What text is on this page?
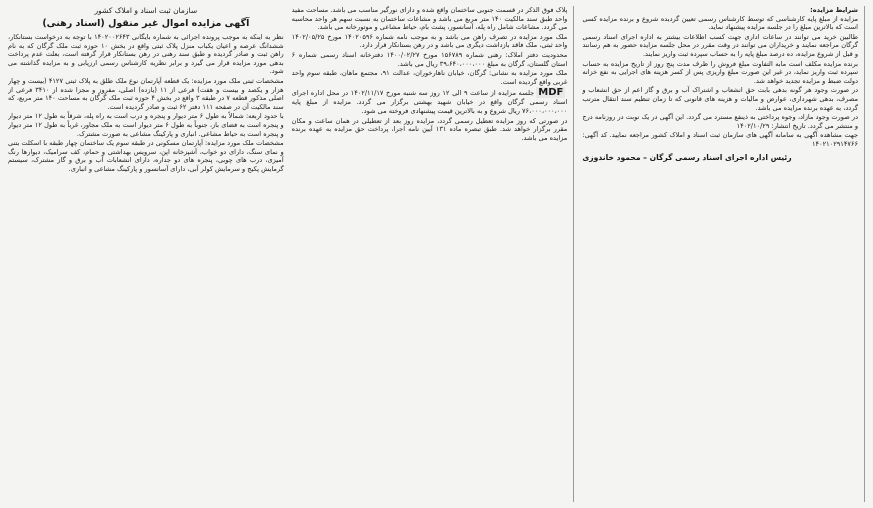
سازمان ثبت اسناد و املاک کشور
آگهی مزایده اموال غیر منقول (اسناد رهنی)

نظر به اینکه به موجب پرونده اجرائی به شماره بایگانی ۱۴۰۲۰۰۲۶۴۳ با توجه به درخواست بستانکار، ششدانگ عرصه و اعیان یکباب منزل پلاک ثبتی واقع در بخش ۱۰ حوزه ثبت ملک گرگان که به نام راهن ثبت و صادر گردیده و طبق سند رهنی در رهن بستانکار قرار گرفته است، بعلت عدم پرداخت بدهی مورد مزایده قرار می گیرد و برابر نظریه کارشناس رسمی ارزیابی و به مزایده گذاشته می شود.

مشخصات ثبتی ملک مورد مزایده: یک قطعه آپارتمان نوع ملک طلق به پلاک ثبتی ۴۱۲۷ (بیست و چهار هزار و یکصد و بیست و هفت) فرعی از ۱۱ (یازده) اصلی، مفروز و مجزا شده از ۳۴۱۰ فرعی از اصلی مذکور قطعه ۷ در طبقه ۳ واقع در بخش ۴ حوزه ثبت ملک گرگان به مساحت ۱۴۰ متر مربع، که سند مالکیت آن در صفحه ۱۱۱ دفتر ۶۲ ثبت و صادر گردیده است.

با حدود اربعه: شمالاً به طول ۶ متر دیوار و پنجره و درب است به راه پله، شرقاً به طول ۱۲ متر دیوار و پنجره است به فضای باز، جنوباً به طول ۶ متر دیوار است به ملک مجاور، غرباً به طول ۱۲ متر دیوار و پنجره است به حیاط مشاعی. انباری و پارکینگ مشاعی به صورت مشترک.

مشخصات ملک مورد مزایده: آپارتمان مسکونی در طبقه سوم یک ساختمان چهار طبقه با اسکلت بتنی و نمای سنگ، دارای دو خواب، آشپزخانه اپن، سرویس بهداشتی و حمام، کف سرامیک، دیوارها رنگ آمیزی، درب های چوبی، پنجره های دو جداره، دارای انشعابات آب و برق و گاز مشترک، سیستم گرمایش پکیج و سرمایش کولر آبی، دارای آسانسور و پارکینگ مشاعی و انباری.

پلاک فوق الذکر در قسمت جنوبی ساختمان واقع شده و دارای نورگیر مناسب می باشد. مساحت مفید واحد طبق سند مالکیت ۱۴۰ متر مربع می باشد و مشاعات ساختمان به نسبت سهم هر واحد محاسبه می گردد. مشاعات شامل راه پله، آسانسور، پشت بام، حیاط مشاعی و موتورخانه می باشد.

ملک مورد مزایده در تصرف راهن می باشد و به موجب نامه شماره ۱۴۰۲۰۵۹۶ مورخ ۱۴۰۲/۰۵/۲۵ واحد ثبتی، ملک فاقد بازداشت دیگری می باشد و در رهن بستانکار قرار دارد.

محدودیت دفتر املاک: رهنی شماره ۱۵۶۷۸۹ مورخ ۱۴۰۰/۰۲/۲۷ دفترخانه اسناد رسمی شماره ۶ استان گلستان، گرگان به مبلغ ۳۹،۶۴۰،۰۰۰،۰۰۰ ریال می باشد.

ملک مورد مزایده به نشانی: گرگان، خیابان ناهارخوران، عدالت ۹۱، مجتمع ماهان، طبقه سوم واحد غربی واقع گردیده است.

MDFجلسه مزایده از ساعت ۹ الی ۱۲ روز سه شنبه مورخ ۱۴۰۲/۱۱/۱۷ در محل اداره اجرای اسناد رسمی گرگان واقع در خیابان شهید بهشتی برگزار می گردد. مزایده از مبلغ پایه ۷۶،۰۰۰،۰۰۰،۰۰۰ ریال شروع و به بالاترین قیمت پیشنهادی فروخته می شود.

در صورتی که روز مزایده تعطیل رسمی گردد، مزایده روز بعد از تعطیلی در همان ساعت و مکان مقرر برگزار خواهد شد. طبق تبصره ماده ۱۳۱ آیین نامه اجرا، پرداخت حق مزایده به عهده برنده مزایده می باشد.

شرایط مزایده:

مزایده از مبلغ پایه کارشناسی که توسط کارشناس رسمی تعیین گردیده شروع و برنده مزایده کسی است که بالاترین مبلغ را در جلسه مزایده پیشنهاد نماید.

طالبین خرید می توانند در ساعات اداری جهت کسب اطلاعات بیشتر به اداره اجرای اسناد رسمی گرگان مراجعه نمایند و خریداران می توانند در وقت مقرر در محل جلسه مزایده حضور به هم رسانند و قبل از شروع مزایده، ده درصد مبلغ پایه را به حساب سپرده ثبت واریز نمایند.

برنده مزایده مکلف است مابه التفاوت مبلغ فروش را ظرف مدت پنج روز از تاریخ مزایده به حساب سپرده ثبت واریز نماید، در غیر این صورت مبلغ واریزی پس از کسر هزینه های اجرایی به نفع خزانه دولت ضبط و مزایده تجدید خواهد شد.

در صورت وجود هر گونه بدهی بابت حق انشعاب و اشتراک آب و برق و گاز اعم از حق انشعاب و مصرف، بدهی شهرداری، عوارض و مالیات و هزینه های قانونی که تا زمان تنظیم سند انتقال مترتب گردد، به عهده برنده مزایده می باشد.

در صورت وجود مازاد، وجوه پرداختی به ذینفع مسترد می گردد. این آگهی در یک نوبت در روزنامه درج و منتشر می گردد. تاریخ انتشار: ۱۴۰۲/۱۰/۲۹

جهت مشاهده آگهی به سامانه آگهی های سازمان ثبت اسناد و املاک کشور مراجعه نمایید. کد آگهی: ۱۴۰۲۱۰۲۹۱۴۷۶۶

رئیس اداره اجرای اسناد رسمی گرگان – محمود خاندوزی
